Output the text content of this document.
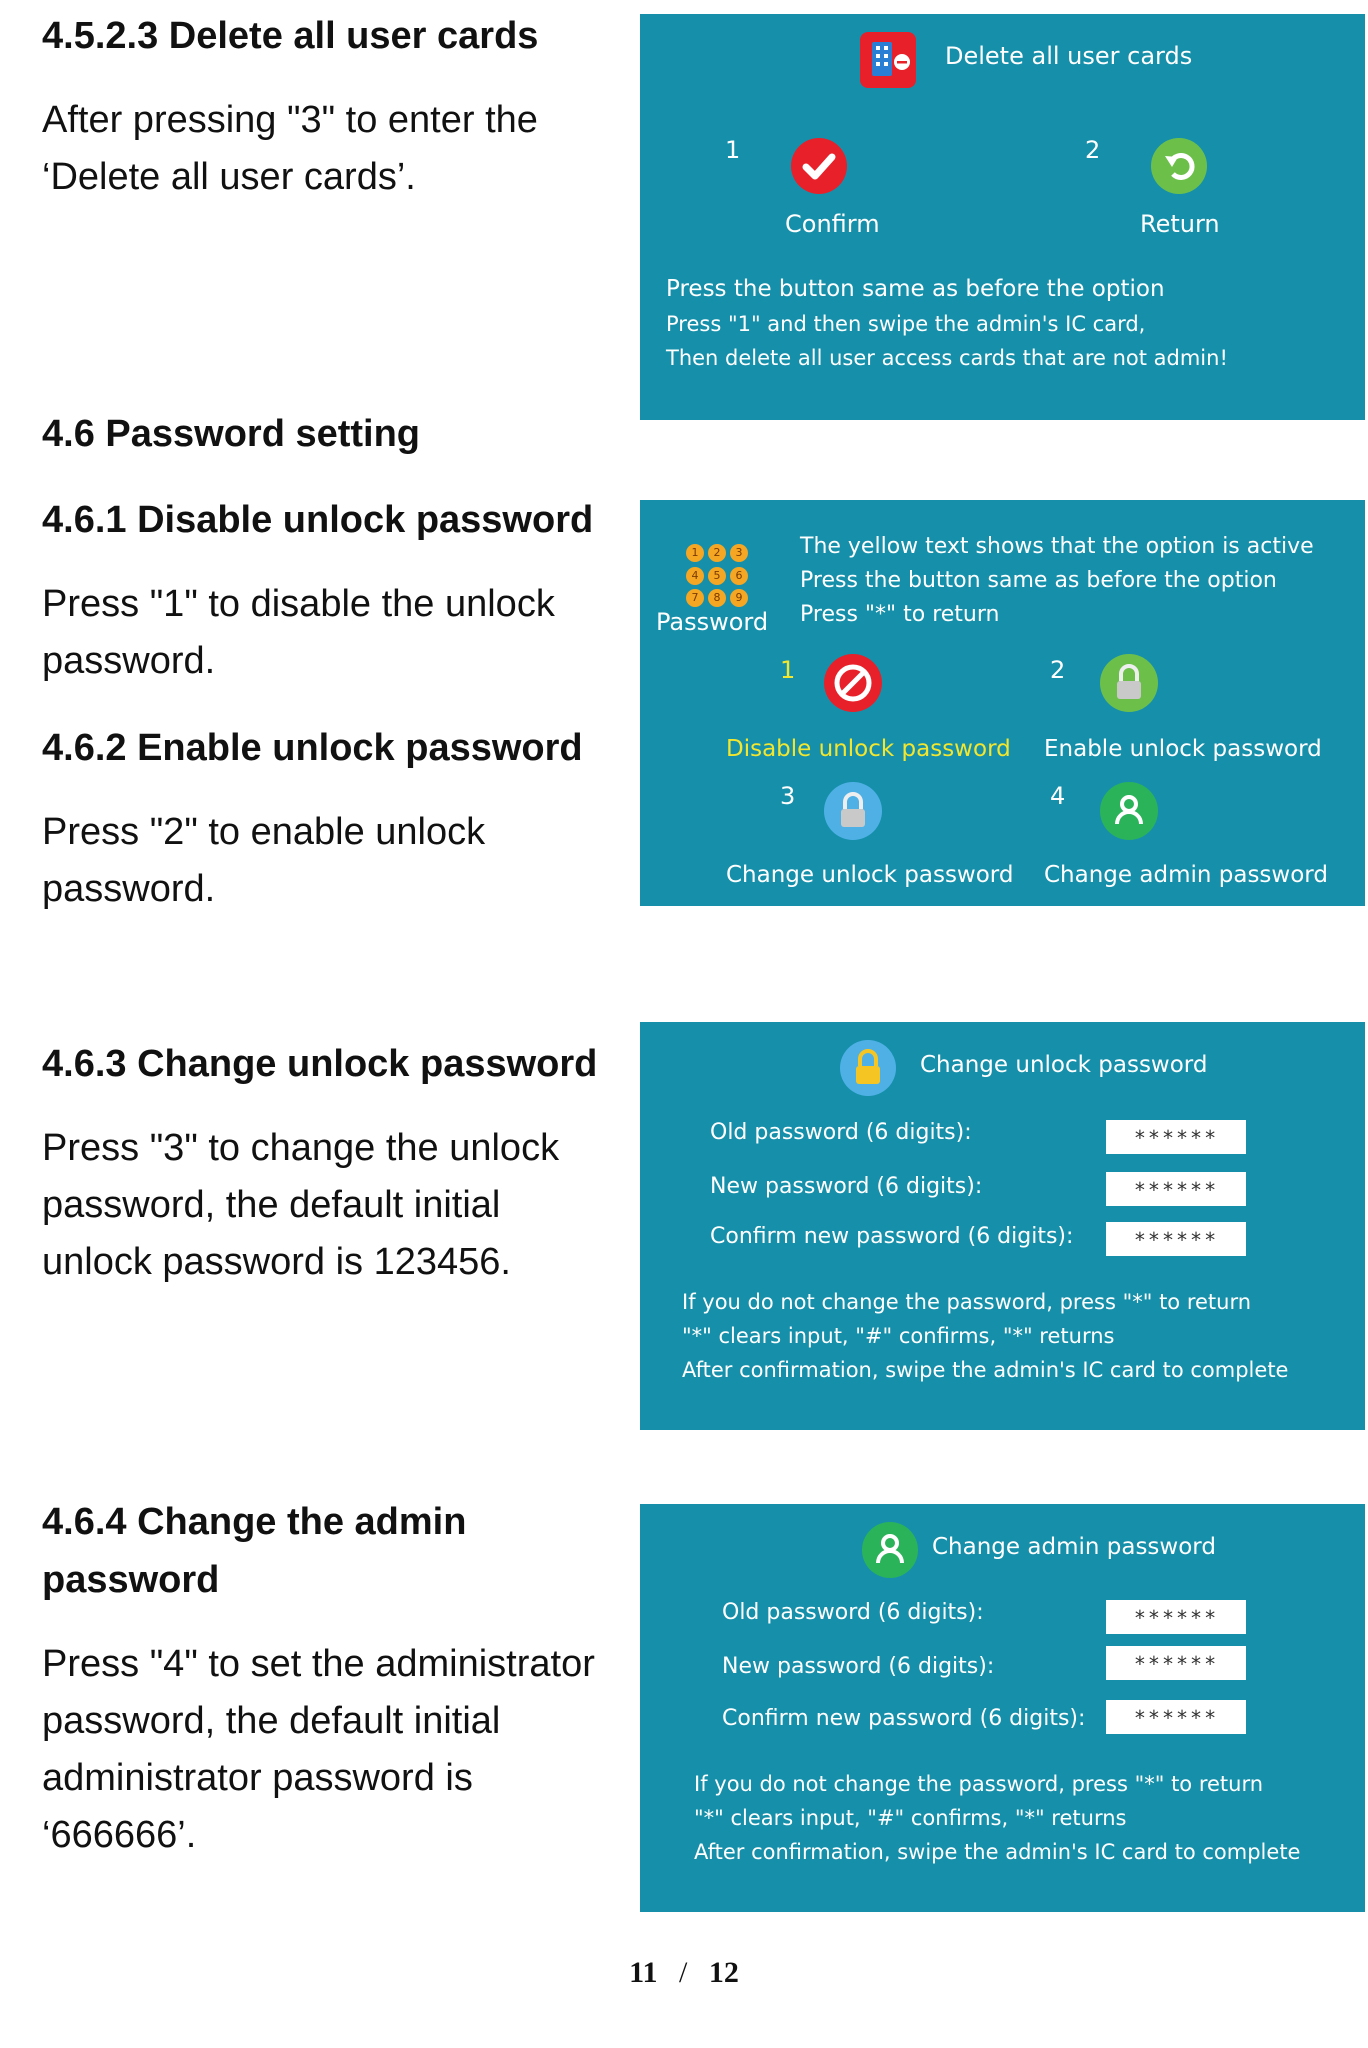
4.5.2.3 Delete all user cards

After pressing "3" to enter the ‘Delete all user cards’.

Delete all user cards
1
Confirm
2
Return
Press the button same as before the option
Press "1" and then swipe the admin's IC card,
Then delete all user access cards that are not admin!
4.6 Password setting
4.6.1 Disable unlock password

Press "1" to disable the unlock password.

1	2	3
4	5	6
7	8	9
Password
The yellow text shows that the option is active
Press the button same as before the option
Press "*" to return
1
Disable unlock password
2
Enable unlock password
3
Change unlock password
4
Change admin password
4.6.2 Enable unlock password

Press "2" to enable unlock password.

4.6.3 Change unlock password

Press "3" to change the unlock password, the default initial unlock password is 123456.

Change unlock password
Old password (6 digits):	******
New password (6 digits):	******
Confirm new password (6 digits):	******
If you do not change the password, press "*" to return
"*" clears input, "#" confirms, "*" returns
After confirmation, swipe the admin's IC card to complete
4.6.4 Change the admin
password

Press "4" to set the administrator password, the default initial administrator password is ‘666666’.

Change admin password
Old password (6 digits):	******
New password (6 digits):	******
Confirm new password (6 digits):	******
If you do not change the password, press "*" to return
"*" clears input, "#" confirms, "*" returns
After confirmation, swipe the admin's IC card to complete
11 / 12
